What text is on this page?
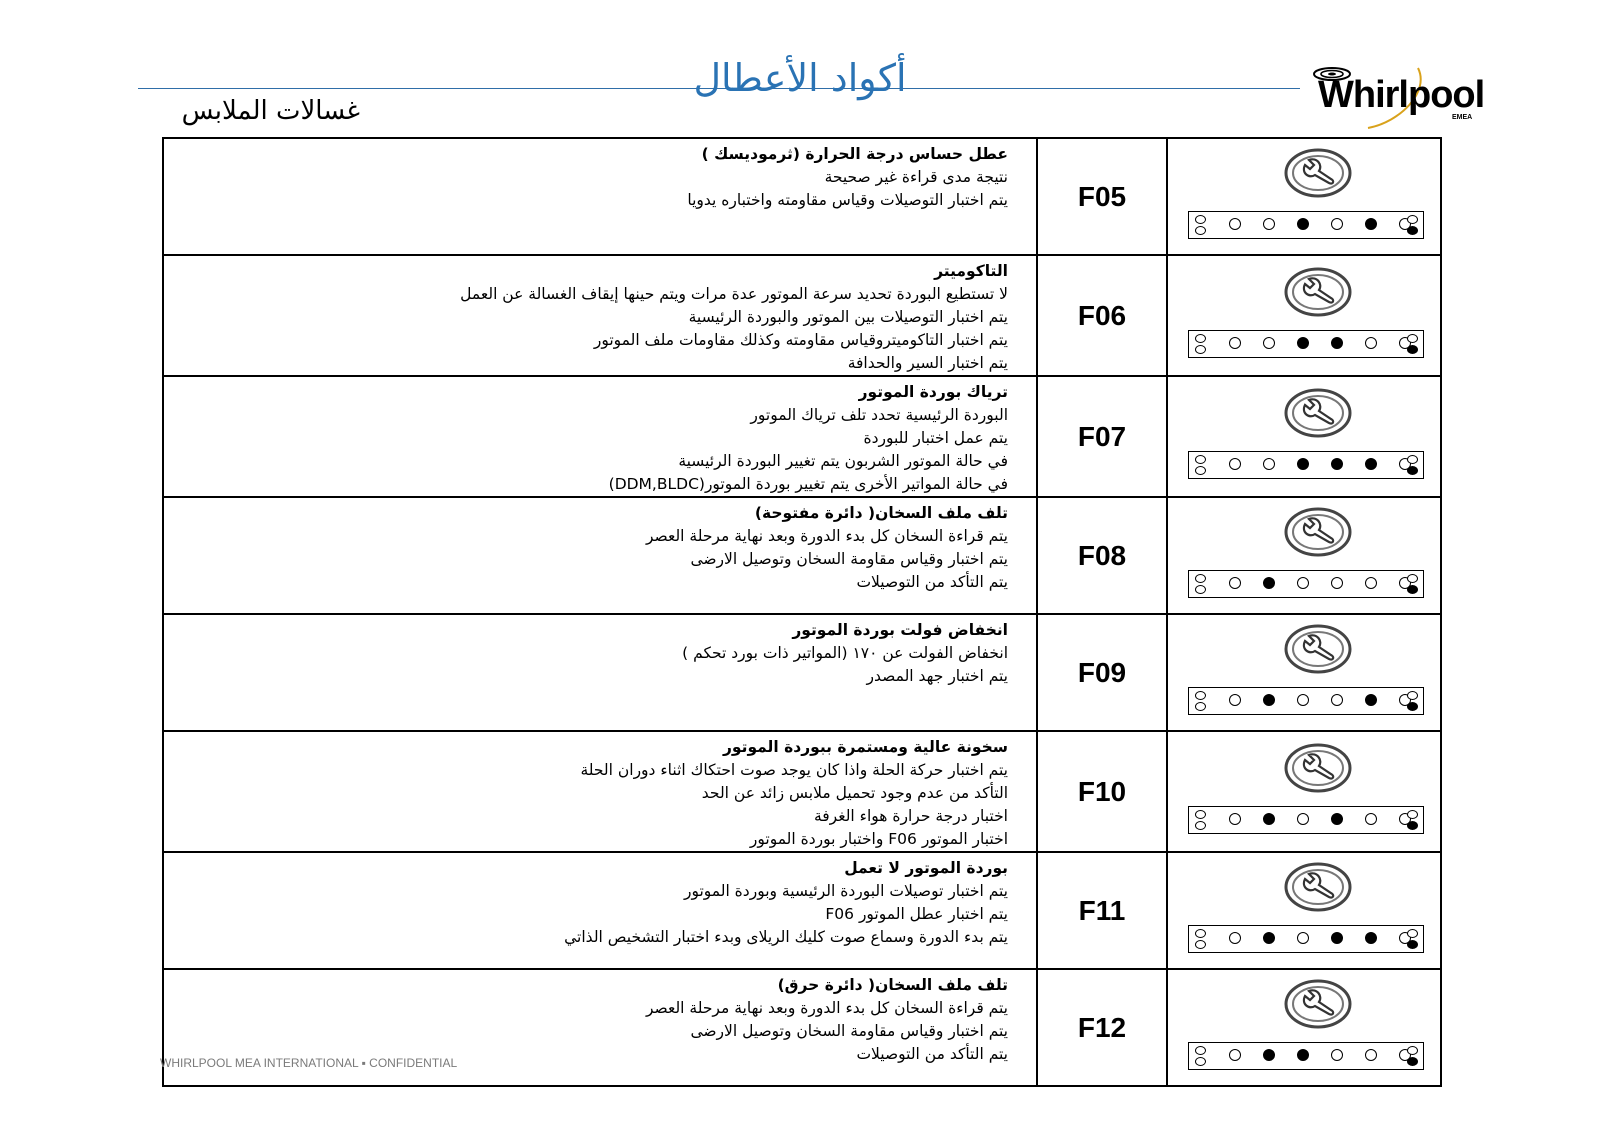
أكواد الأعطال
غسالات الملابس	Whirlpool
EMEA
عطل حساس درجة الحرارة (ثرموديسك )
نتيجة مدى قراءة غير صحيحة
يتم اختبار التوصيلات وقياس مقاومته واختباره يدويا	F05	

التاكوميتر
لا تستطيع البوردة تحديد سرعة الموتور عدة مرات ويتم حينها إيقاف الغسالة عن العمل
يتم اختبار التوصيلات بين الموتور والبوردة الرئيسية
يتم اختبار التاكوميتروقياس مقاومته وكذلك مقاومات ملف الموتور
يتم اختبار السير والحدافة	F06	

ترياك بوردة الموتور
البوردة الرئيسية تحدد تلف ترياك الموتور
يتم عمل اختبار للبوردة
في حالة الموتور الشربون يتم تغيير البوردة الرئيسية
في حالة المواتير الأخرى يتم تغيير بوردة الموتور(DDM,BLDC)	F07	

تلف ملف السخان( دائرة مفتوحة)
يتم قراءة السخان كل بدء الدورة وبعد نهاية مرحلة العصر
يتم اختبار وقياس مقاومة السخان وتوصيل الارضى
يتم التأكد من التوصيلات	F08	

انخفاض فولت بوردة الموتور
انخفاض الفولت عن ١٧٠ (المواتير ذات بورد تحكم )
يتم اختبار جهد المصدر	F09	

سخونة عالية ومستمرة ببوردة الموتور
يتم اختبار حركة الحلة واذا كان يوجد صوت احتكاك اثناء دوران الحلة
التأكد من عدم وجود تحميل ملابس زائد عن الحد
اختبار درجة حرارة هواء الغرفة
اختبار الموتور F06 واختبار بوردة الموتور	F10	

بوردة الموتور لا تعمل
يتم اختبار توصيلات البوردة الرئيسية وبوردة الموتور
يتم اختبار عطل الموتور F06
يتم بدء الدورة وسماع صوت كليك الريلاى وبدء اختبار التشخيص الذاتي	F11	

تلف ملف السخان( دائرة حرق)
يتم قراءة السخان كل بدء الدورة وبعد نهاية مرحلة العصر
يتم اختبار وقياس مقاومة السخان وتوصيل الارضى
يتم التأكد من التوصيلات	F12	
WHIRLPOOL MEA INTERNATIONAL ▪ CONFIDENTIAL
